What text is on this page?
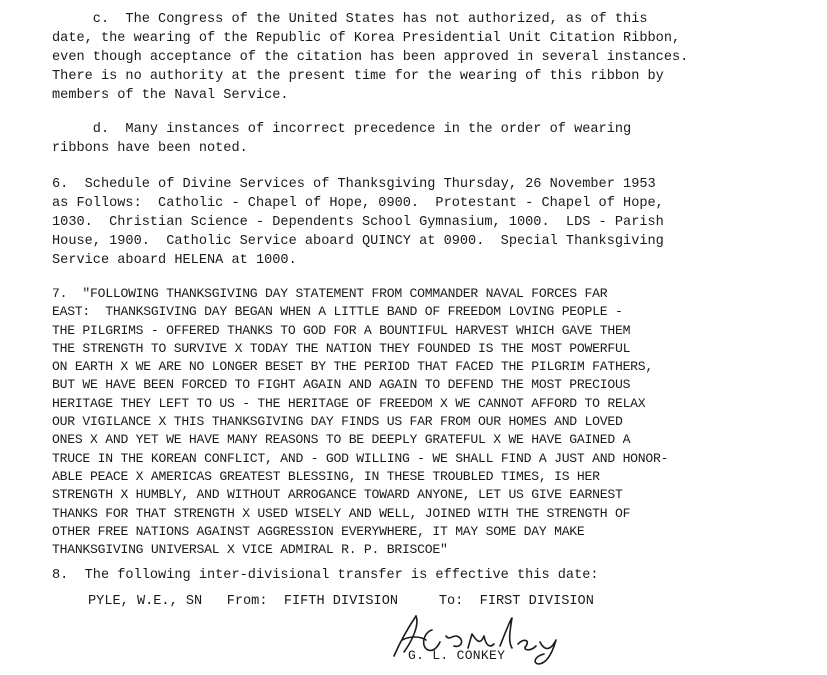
c.  The Congress of the United States has not authorized, as of this
date, the wearing of the Republic of Korea Presidential Unit Citation Ribbon,
even though acceptance of the citation has been approved in several instances.
There is no authority at the present time for the wearing of this ribbon by
members of the Naval Service.
d.  Many instances of incorrect precedence in the order of wearing
ribbons have been noted.
6.  Schedule of Divine Services of Thanksgiving Thursday, 26 November 1953
as Follows:  Catholic - Chapel of Hope, 0900.  Protestant - Chapel of Hope,
1030.  Christian Science - Dependents School Gymnasium, 1000.  LDS - Parish
House, 1900.  Catholic Service aboard QUINCY at 0900.  Special Thanksgiving
Service aboard HELENA at 1000.
7.  "FOLLOWING THANKSGIVING DAY STATEMENT FROM COMMANDER NAVAL FORCES FAR
EAST:  THANKSGIVING DAY BEGAN WHEN A LITTLE BAND OF FREEDOM LOVING PEOPLE -
THE PILGRIMS - OFFERED THANKS TO GOD FOR A BOUNTIFUL HARVEST WHICH GAVE THEM
THE STRENGTH TO SURVIVE X TODAY THE NATION THEY FOUNDED IS THE MOST POWERFUL
ON EARTH X WE ARE NO LONGER BESET BY THE PERIOD THAT FACED THE PILGRIM FATHERS,
BUT WE HAVE BEEN FORCED TO FIGHT AGAIN AND AGAIN TO DEFEND THE MOST PRECIOUS
HERITAGE THEY LEFT TO US - THE HERITAGE OF FREEDOM X WE CANNOT AFFORD TO RELAX
OUR VIGILANCE X THIS THANKSGIVING DAY FINDS US FAR FROM OUR HOMES AND LOVED
ONES X AND YET WE HAVE MANY REASONS TO BE DEEPLY GRATEFUL X WE HAVE GAINED A
TRUCE IN THE KOREAN CONFLICT, AND - GOD WILLING - WE SHALL FIND A JUST AND HONOR-
ABLE PEACE X AMERICAS GREATEST BLESSING, IN THESE TROUBLED TIMES, IS HER
STRENGTH X HUMBLY, AND WITHOUT ARROGANCE TOWARD ANYONE, LET US GIVE EARNEST
THANKS FOR THAT STRENGTH X USED WISELY AND WELL, JOINED WITH THE STRENGTH OF
OTHER FREE NATIONS AGAINST AGGRESSION EVERYWHERE, IT MAY SOME DAY MAKE
THANKSGIVING UNIVERSAL X VICE ADMIRAL R. P. BRISCOE"
8.  The following inter-divisional transfer is effective this date:
PYLE, W.E., SN From: FIFTH DIVISION	To: FIRST DIVISION
G. L. CONKEY
